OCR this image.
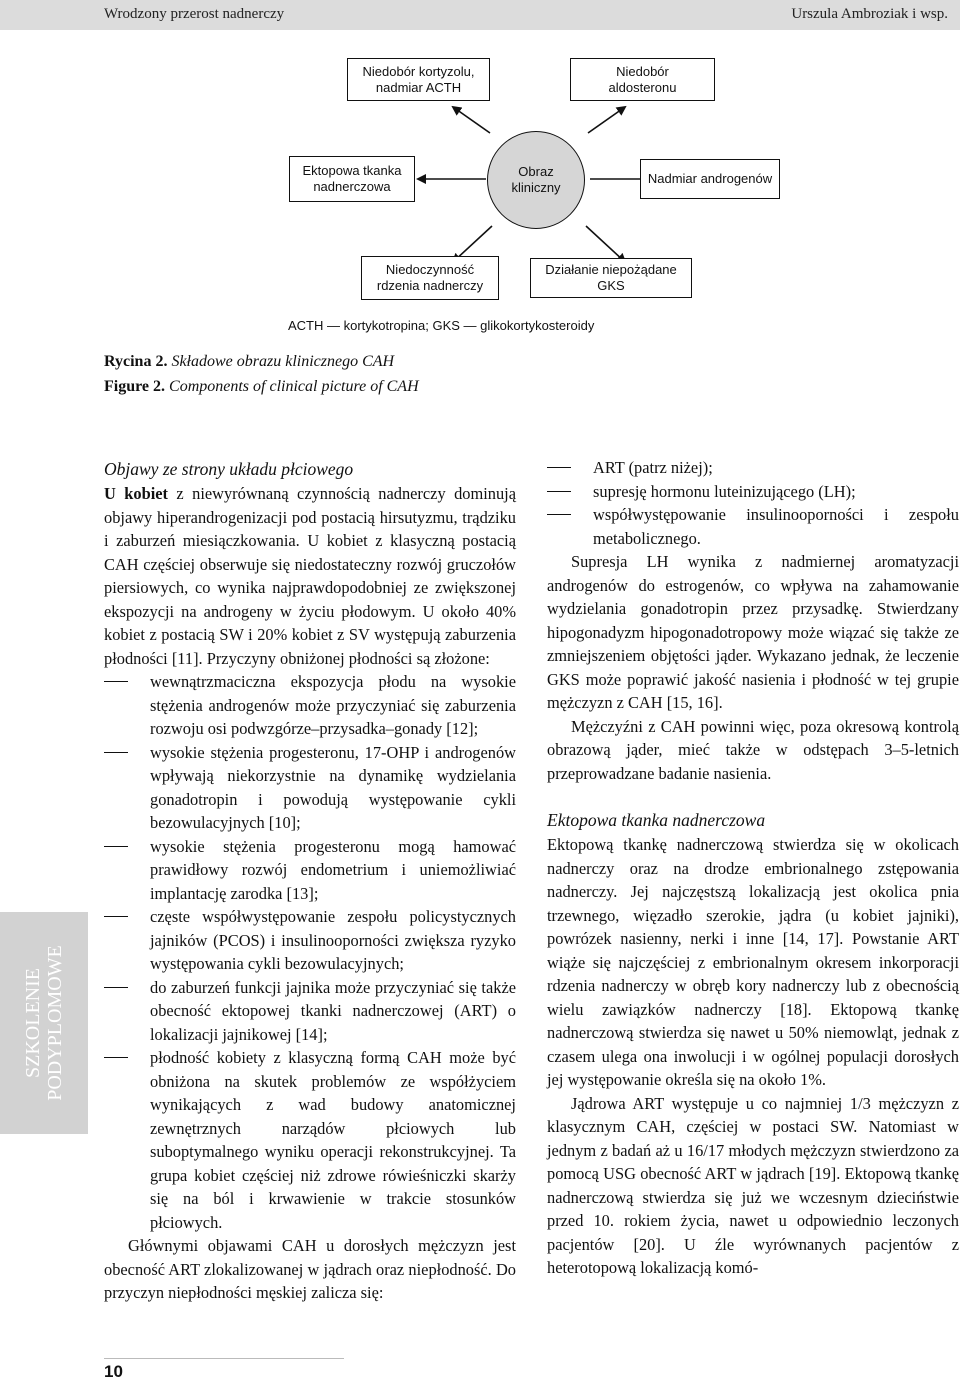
Wrodzony przerost nadnerczy	Urszula Ambroziak i wsp.
Niedobór kortyzolu,
nadmiar ACTH
Niedobór
aldosteronu
Ektopowa tkanka
nadnerczowa
Obraz
kliniczny
Nadmiar androgenów
Niedoczynność
rdzenia nadnerczy
Działanie niepożądane GKS
ACTH — kortykotropina; GKS — glikokortykosteroidy
Rycina 2. Składowe obrazu klinicznego CAH
Figure 2. Components of clinical picture of CAH
SZKOLENIE PODYPLOMOWE
Objawy ze strony układu płciowego

U kobiet z niewyrównaną czynnością nadnerczy dominują objawy hiperandrogenizacji pod postacią hirsutyzmu, trądziku i zaburzeń miesiączkowania. U kobiet z klasyczną postacią CAH częściej obserwuje się niedostateczny rozwój gruczołów piersiowych, co wynika najprawdopodobniej ze zwiększonej ekspozycji na androgeny w życiu płodowym. U około 40% kobiet z postacią SW i 20% kobiet z SV występują zaburzenia płodności [11]. Przyczyny obniżonej płodności są złożone:

wewnątrzmaciczna ekspozycja płodu na wysokie stężenia androgenów może przyczyniać się zaburzenia rozwoju osi podwzgórze–przysadka–gonady [12];

wysokie stężenia progesteronu, 17-OHP i androgenów wpływają niekorzystnie na dynamikę wydzielania gonadotropin i powodują występowanie cykli bezowulacyjnych [10];

wysokie stężenia progesteronu mogą hamować prawidłowy rozwój endometrium i uniemożliwiać implantację zarodka [13];

częste współwystępowanie zespołu policystycznych jajników (PCOS) i insulinooporności zwiększa ryzyko występowania cykli bezowulacyjnych;

do zaburzeń funkcji jajnika może przyczyniać się także obecność ektopowej tkanki nadnerczowej (ART) o lokalizacji jajnikowej [14];

płodność kobiety z klasyczną formą CAH może być obniżona na skutek problemów ze współżyciem wynikających z wad budowy anatomicznej zewnętrznych narządów płciowych lub suboptymalnego wyniku operacji rekonstrukcyjnej. Ta grupa kobiet częściej niż zdrowe rówieśniczki skarży się na ból i krwawienie w trakcie stosunków płciowych.

Głównymi objawami CAH u dorosłych mężczyzn jest obecność ART zlokalizowanej w jądrach oraz niepłodność. Do przyczyn niepłodności męskiej zalicza się:

ART (patrz niżej);

supresję hormonu luteinizującego (LH);

współwystępowanie insulinooporności i zespołu metabolicznego.

Supresja LH wynika z nadmiernej aromatyzacji androgenów do estrogenów, co wpływa na zahamowanie wydzielania gonadotropin przez przysadkę. Stwierdzany hipogonadyzm hipogonadotropowy może wiązać się także ze zmniejszeniem objętości jąder. Wykazano jednak, że leczenie GKS może poprawić jakość nasienia i płodność w tej grupie mężczyzn z CAH [15, 16].

Mężczyźni z CAH powinni więc, poza okresową kontrolą obrazową jąder, mieć także w odstępach 3–5-letnich przeprowadzane badanie nasienia.

Ektopowa tkanka nadnerczowa

Ektopową tkankę nadnerczową stwierdza się w okolicach nadnerczy oraz na drodze embrionalnego zstępowania nadnerczy. Jej najczęstszą lokalizacją jest okolica pnia trzewnego, więzadło szerokie, jądra (u kobiet jajniki), powrózek nasienny, nerki i inne [14, 17]. Powstanie ART wiąże się najczęściej z embrionalnym okresem inkorporacji rdzenia nadnerczy w obręb kory nadnerczy lub z obecnością wielu zawiązków nadnerczy [18]. Ektopową tkankę nadnerczową stwierdza się nawet u 50% niemowląt, jednak z czasem ulega ona inwolucji i w ogólnej populacji dorosłych jej występowanie określa się na około 1%.

Jądrowa ART występuje u co najmniej 1/3 mężczyzn z klasycznym CAH, częściej w postaci SW. Natomiast w jednym z badań aż u 16/17 młodych mężczyzn stwierdzono za pomocą USG obecność ART w jądrach [19]. Ektopową tkankę nadnerczową stwierdza się już we wczesnym dzieciństwie przed 10. rokiem życia, nawet u odpowiednio leczonych pacjentów [20]. U źle wyrównanych pacjentów z heterotopową lokalizacją komó-

10
